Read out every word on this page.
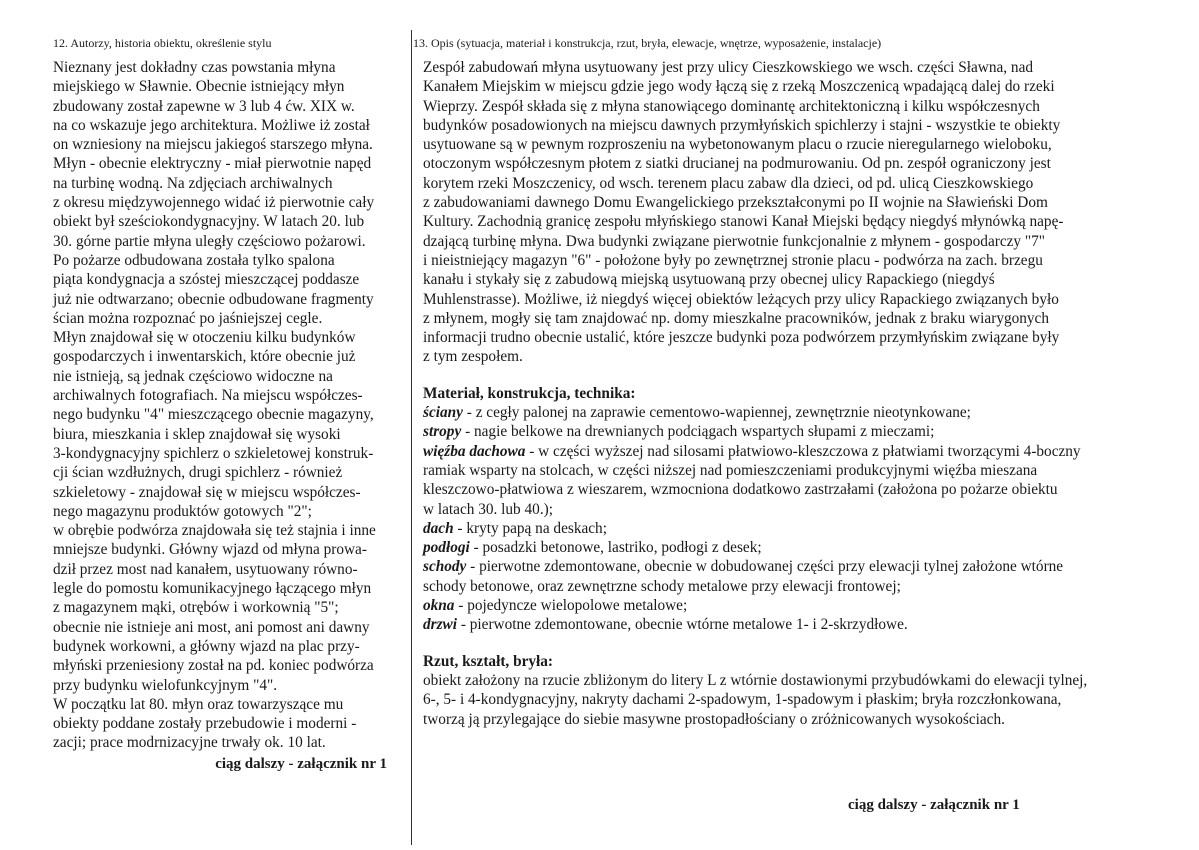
12. Autorzy, historia obiektu, określenie stylu
Nieznany jest dokładny czas powstania młyna
miejskiego w Sławnie. Obecnie istniejący młyn
zbudowany został zapewne w 3 lub 4 ćw. XIX w.
na co wskazuje jego architektura. Możliwe iż został
on wzniesiony na miejscu jakiegoś starszego młyna.
Młyn - obecnie elektryczny - miał pierwotnie napęd
na turbinę wodną. Na zdjęciach archiwalnych
z okresu międzywojennego widać iż pierwotnie cały
obiekt był sześciokondygnacyjny. W latach 20. lub
30. górne partie młyna uległy częściowo pożarowi.
Po pożarze odbudowana została tylko spalona
piąta kondygnacja a szóstej mieszczącej poddasze
już nie odtwarzano; obecnie odbudowane fragmenty
ścian można rozpoznać po jaśniejszej cegle.
Młyn znajdował się w otoczeniu kilku budynków
gospodarczych i inwentarskich, które obecnie już
nie istnieją, są jednak częściowo widoczne na
archiwalnych fotografiach. Na miejscu współczes-
nego budynku "4" mieszczącego obecnie magazyny,
biura, mieszkania i sklep znajdował się wysoki
3-kondygnacyjny spichlerz o szkieletowej konstruk-
cji ścian wzdłużnych, drugi spichlerz - również
szkieletowy - znajdował się w miejscu współczes-
nego magazynu produktów gotowych "2";
w obrębie podwórza znajdowała się też stajnia i inne
mniejsze budynki. Główny wjazd od młyna prowa-
dził przez most nad kanałem, usytuowany równo-
legle do pomostu komunikacyjnego łączącego młyn
z magazynem mąki, otrębów i workownią "5";
obecnie nie istnieje ani most, ani pomost ani dawny
budynek workowni, a główny wjazd na plac przy-
młyński przeniesiony został na pd. koniec podwórza
przy budynku wielofunkcyjnym "4".
W początku lat 80. młyn oraz towarzyszące mu
obiekty poddane zostały przebudowie i moderni -
zacji; prace modrnizacyjne trwały ok. 10 lat.
ciąg dalszy - załącznik nr 1
13. Opis (sytuacja, materiał i konstrukcja, rzut, bryła, elewacje, wnętrze, wyposażenie, instalacje)
Zespół zabudowań młyna usytuowany jest przy ulicy Cieszkowskiego we wsch. części Sławna, nad
Kanałem Miejskim w miejscu gdzie jego wody łączą się z rzeką Moszczenicą wpadającą dalej do rzeki
Wieprzy. Zespół składa się z młyna stanowiącego dominantę architektoniczną i kilku współczesnych
budynków posadowionych na miejscu dawnych przymłyńskich spichlerzy i stajni - wszystkie te obiekty
usytuowane są w pewnym rozproszeniu na wybetonowanym placu o rzucie nieregularnego wieloboku,
otoczonym współczesnym płotem z siatki drucianej na podmurowaniu. Od pn. zespół ograniczony jest
korytem rzeki Moszczenicy, od wsch. terenem placu zabaw dla dzieci, od pd. ulicą Cieszkowskiego
z zabudowaniami dawnego Domu Ewangelickiego przekształconymi po II wojnie na Sławieński Dom
Kultury. Zachodnią granicę zespołu młyńskiego stanowi Kanał Miejski będący niegdyś młynówką napę-
dzającą turbinę młyna. Dwa budynki związane pierwotnie funkcjonalnie z młynem - gospodarczy "7"
i nieistniejący magazyn "6" - położone były po zewnętrznej stronie placu - podwórza na zach. brzegu
kanału i stykały się z zabudową miejską usytuowaną przy obecnej ulicy Rapackiego (niegdyś
Muhlenstrasse). Możliwe, iż niegdyś więcej obiektów leżących przy ulicy Rapackiego związanych było
z młynem, mogły się tam znajdować np. domy mieszkalne pracowników, jednak z braku wiarygonych
informacji trudno obecnie ustalić, które jeszcze budynki poza podwórzem przymłyńskim związane były
z tym zespołem.
Materiał, konstrukcja, technika:
ściany - z cegły palonej na zaprawie cementowo-wapiennej, zewnętrznie nieotynkowane;
stropy - nagie belkowe na drewnianych podciągach wspartych słupami z mieczami;
więźba dachowa - w części wyższej nad silosami płatwiowo-kleszczowa z płatwiami tworzącymi 4-boczny
ramiak wsparty na stolcach, w części niższej nad pomieszczeniami produkcyjnymi więźba mieszana
kleszczowo-płatwiowa z wieszarem, wzmocniona dodatkowo zastrzałami (założona po pożarze obiektu
w latach 30. lub 40.);
dach - kryty papą na deskach;
podłogi - posadzki betonowe, lastriko, podłogi z desek;
schody - pierwotne zdemontowane, obecnie w dobudowanej części przy elewacji tylnej założone wtórne
schody betonowe, oraz zewnętrzne schody metalowe przy elewacji frontowej;
okna - pojedyncze wielopolowe metalowe;
drzwi - pierwotne zdemontowane, obecnie wtórne metalowe 1- i 2-skrzydłowe.
Rzut, kształt, bryła:
obiekt założony na rzucie zbliżonym do litery L z wtórnie dostawionymi przybudówkami do elewacji tylnej,
6-, 5- i 4-kondygnacyjny, nakryty dachami 2-spadowym, 1-spadowym i płaskim; bryła rozczłonkowana,
tworzą ją przylegające do siebie masywne prostopadłościany o zróżnicowanych wysokościach.
ciąg dalszy - załącznik nr 1
